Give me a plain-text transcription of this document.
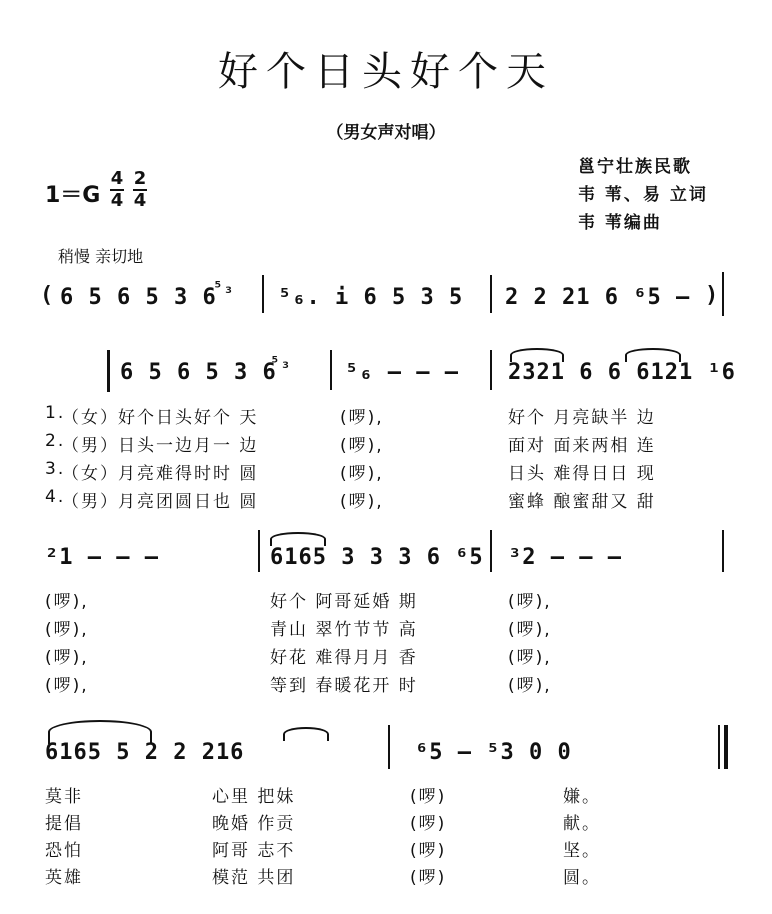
好个日头好个天
（男女声对唱）
邕宁壮族民歌
韦 苇、易 立词
韦 苇编曲
1＝G
4
4
2
4
稍慢 亲切地
( 6 5 6 5 3 6
⁵₃ ⁵₆. i 6 5 3 5 2 2 21 6 ⁶5 – )
6 5 6 5 3 6
⁵₃ ⁵₆ – – – 2321 6 6 6121 ¹6
1.
（女） 好个日头好个 天	(啰),	好个 月亮缺半 边
2.
（男） 日头一边月一 边	(啰),	面对 面来两相 连
3.
（女） 月亮难得时时 圆	(啰),	日头 难得日日 现
4.
（男） 月亮团圆日也 圆	(啰),	蜜蜂 酿蜜甜又 甜
²1 – – –	6165 3 3 3 6 ⁶5 ³2 – – –
(啰),	好个 阿哥延婚 期	(啰),
(啰),	青山 翠竹节节 高	(啰),
(啰),	好花 难得月月 香	(啰),
(啰),	等到 春暖花开 时	(啰),
6165 5 2 2 216	⁶5 – ⁵3 0 0
莫非	心里 把妹	(啰)	嫌。
提倡	晚婚 作贡	(啰)	献。
恐怕	阿哥 志不	(啰)	坚。
英雄	模范 共团	(啰)	圆。
